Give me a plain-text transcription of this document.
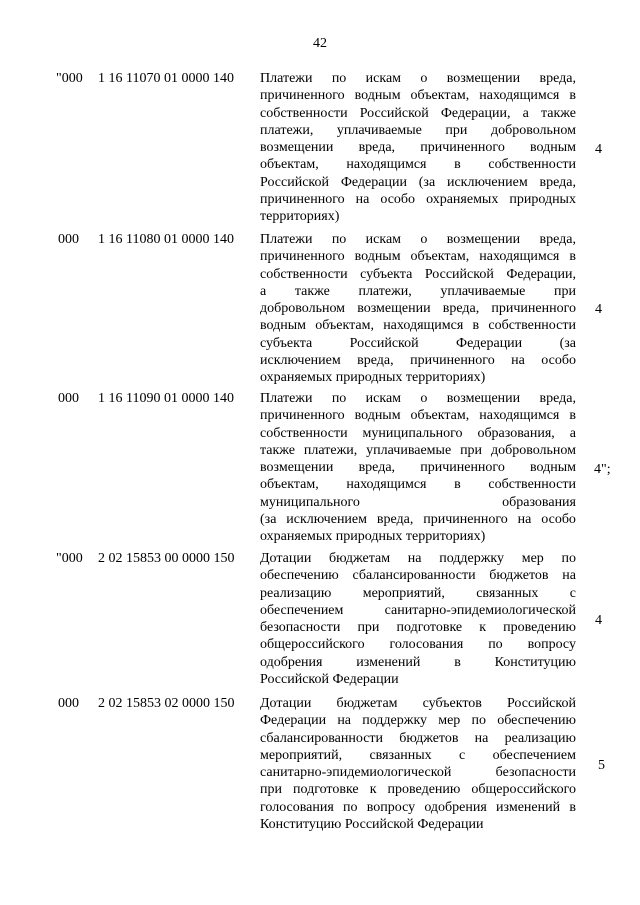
42
"000 1 16 11070 01 0000 140 Платежи по искам о возмещении вреда,
причиненного водным объектам, находящимся в
собственности Российской Федерации, а также
платежи, уплачиваемые при добровольном
возмещении вреда, причиненного водным
объектам, находящимся в собственности
Российской Федерации (за исключением вреда,
причиненного на особо охраняемых природных
территориях)
4
000 1 16 11080 01 0000 140 Платежи по искам о возмещении вреда,
причиненного водным объектам, находящимся в
собственности субъекта Российской Федерации,
а также платежи, уплачиваемые при
добровольном возмещении вреда, причиненного
водным объектам, находящимся в собственности
субъекта	Российской	Федерации	(за
исключением вреда, причиненного на особо
охраняемых природных территориях)
4
000 1 16 11090 01 0000 140 Платежи по искам о возмещении вреда,
причиненного водным объектам, находящимся в
собственности муниципального образования, а
также платежи, уплачиваемые при добровольном
возмещении вреда, причиненного водным
объектам, находящимся в собственности
муниципального	образования
(за исключением вреда, причиненного на особо
охраняемых природных территориях)
4";
"000 2 02 15853 00 0000 150 Дотации бюджетам на поддержку мер по
обеспечению сбалансированности бюджетов на
реализацию мероприятий, связанных с
обеспечением	санитарно-эпидемиологической
безопасности при подготовке к проведению
общероссийского голосования по вопросу
одобрения изменений в Конституцию
Российской Федерации
4
000 2 02 15853 02 0000 150 Дотации бюджетам субъектов Российской
Федерации на поддержку мер по обеспечению
сбалансированности бюджетов на реализацию
мероприятий, связанных с обеспечением
санитарно-эпидемиологической	безопасности
при подготовке к проведению общероссийского
голосования по вопросу одобрения изменений в
Конституцию Российской Федерации
5
